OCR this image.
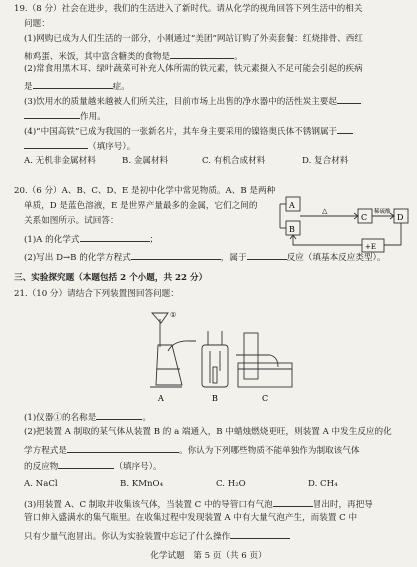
19.（8 分）社会在进步，我们的生活进入了新时代。请从化学的视角回答下列生活中的相关
问题：
(1)网购已成为人们生活的一部分，小刚通过“美团”网站订购了外卖套餐：红烧排骨、西红
柿鸡蛋、米饭，其中富含糖类的食物是	。
(2)常食用黑木耳、绿叶蔬菜可补充人体所需的铁元素，铁元素摄入不足可能会引起的疾病
是	症。
(3)饮用水的质量越来越被人们所关注，目前市场上出售的净水器中的活性炭主要起
作用。
(4)“中国高铁”已成为我国的一张新名片，其车身主要采用的镍铬奥氏体不锈钢属于
（填序号）。
A. 无机非金属材料	B. 金属材料	C. 有机合成材料	D. 复合材料
20.（6 分）A、B、C、D、E 是初中化学中常见物质。A、B 是两种
单质，D 是蓝色溶液，E 是世界产量最多的金属，它们之间的
关系如图所示。试回答：
(1)A 的化学式	；
(2)写出 D→B 的化学方程式	，属于	反应（填基本反应类型）。
A
B
C	D
△	稀硫酸
+E
三、实验探究题（本题包括 2 个小题，共 22 分）
21.（10 分）请结合下列装置图回答问题：
A	B	C
①
(1)仪器①的名称是	。
(2)把装置 A 制取的某气体从装置 B 的 a 端通入，B 中蜡烛燃烧更旺，则装置 A 中发生反应的化
学方程式是	。你认为下列哪些物质不能单独作为制取该气体
的反应物	（填序号）。
A. NaCl	B. KMnO₄	C. H₂O	D. CH₄
(3)用装置 A、C 制取并收集该气体，当装置 C 中的导管口有气泡	冒出时，再把导
管口伸入盛满水的集气瓶里。在收集过程中发现装置 A 中有大量气泡产生，而装置 C 中
只有少量气泡冒出。你认为实验装置中忘记了什么操作
化学试题　第 5 页（共 6 页）
